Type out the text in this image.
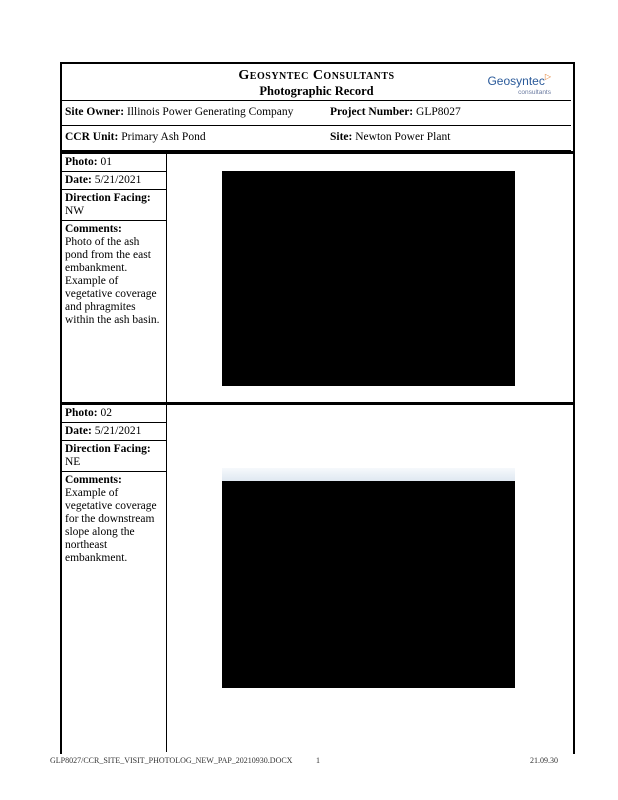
Geosyntec Consultants
Photographic Record
Geosyntec▷
consultants
Site Owner: Illinois Power Generating Company	Project Number: GLP8027
CCR Unit: Primary Ash Pond	Site: Newton Power Plant
Photo: 01
Date: 5/21/2021
Direction Facing:
NW
Comments:
Photo of the ash pond from the east embankment. Example of vegetative coverage and phragmites within the ash basin.
Photo: 02
Date: 5/21/2021
Direction Facing:
NE
Comments:
Example of vegetative coverage for the downstream slope along the northeast embankment.
GLP8027/CCR_SITE_VISIT_PHOTOLOG_NEW_PAP_20210930.DOCX	1	21.09.30
